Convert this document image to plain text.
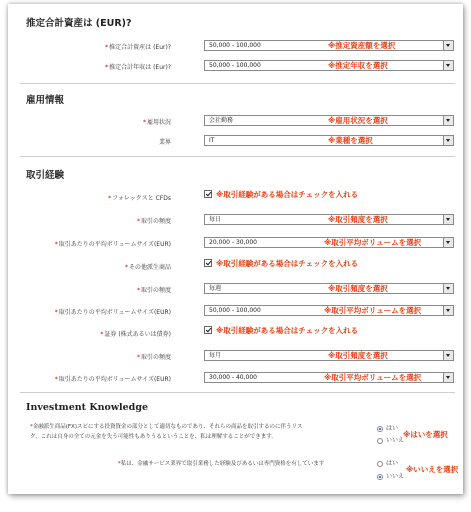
推定合計資産は (EUR)?
*推定合計資産は (Eur)?	50,000 - 100,000	※推定資産額を選択
*推定合計年収は (Eur)?	50,000 - 100,000	※推定年収を選択
雇用情報
*雇用状況	会社勤務	※雇用状況を選択
業界	IT	※業種を選択
取引経験
*フォレックスと CFDs	※取引経験がある場合はチェックを入れる
*取引の頻度	毎日	※取引頻度を選択
*取引あたりの平均ボリュームサイズ(EUR)	20,000 - 30,000	※取引平均ボリュームを選択
*その他派生商品	※取引経験がある場合はチェックを入れる
*取引の頻度	毎週	※取引頻度を選択
*取引あたりの平均ボリュームサイズ(EUR)	50,000 - 100,000	※取引平均ボリュームを選択
*証券 (株式あるいは債券)	※取引経験がある場合はチェックを入れる
*取引の頻度	毎月	※取引頻度を選択
*取引あたりの平均ボリュームサイズ(EUR)	30,000 - 40,000	※取引平均ボリュームを選択
Investment Knowledge
*金融派生商品(FX)スピにする投資資金の部分として適切なものであり、それらの商品を取引するのに伴うリス
ク、これは自身の全ての元金を失う可能性もありうるということを、私は理解することができます。
はい
いいえ
※はいを選択
*私は、金融サービス業界で取引業務した経験及びあるいは専門資格を有しています	はい
いいえ
※いいえを選択
